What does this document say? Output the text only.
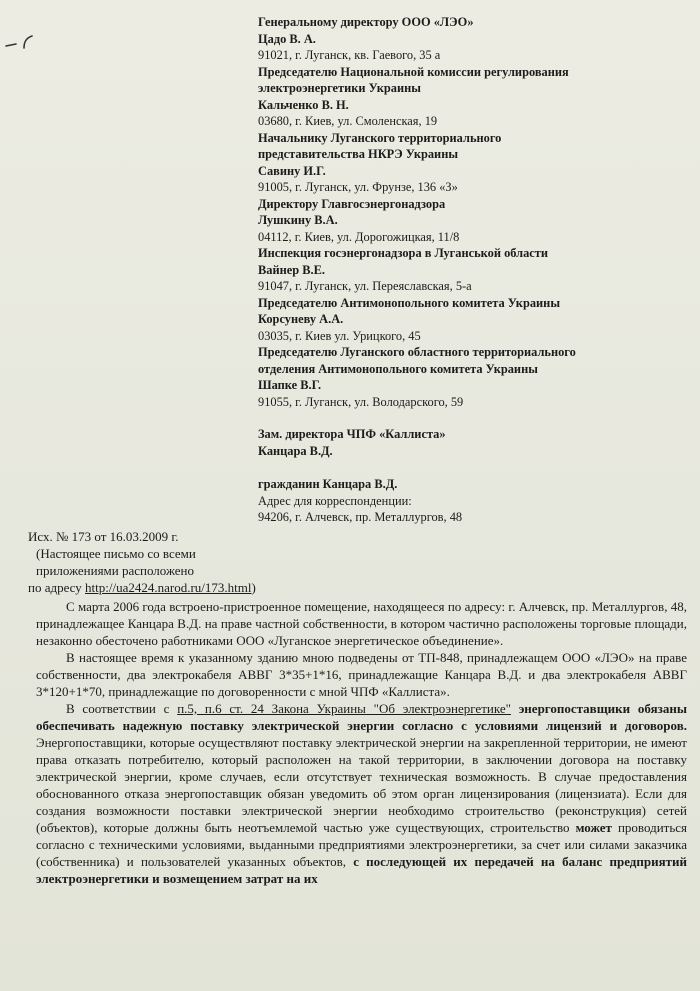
Генеральному директору ООО «ЛЭО»
Цадо В. А.
91021, г. Луганск, кв. Гаевого, 35 а
Председателю Национальной комиссии регулирования
электроэнергетики Украины
Кальченко В. Н.
03680, г. Киев, ул. Смоленская, 19
Начальнику Луганского территориального
представительства НКРЭ Украины
Савину И.Г.
91005, г. Луганск, ул. Фрунзе, 136 «З»
Директору Главгосэнергонадзора
Лушкину В.А.
04112, г. Киев, ул. Дорогожицкая, 11/8
Инспекция госэнергонадзора в Луганськой области
Вайнер В.Е.
91047, г. Луганск, ул. Переяславская, 5-а
Председателю Антимонопольного комитета Украины
Корсуневу А.А.
03035, г. Киев ул. Урицкого, 45
Председателю Луганского областного территориального
отделения Антимонопольного комитета Украины
Шапке В.Г.
91055, г. Луганск, ул. Володарского, 59
Зам. директора ЧПФ «Каллиста»
Канцара В.Д.
гражданин Канцара В.Д.
Адрес для корреспонденции:
94206, г. Алчевск, пр. Металлургов, 48
Исх. № 173 от 16.03.2009 г.
(Настоящее письмо со всеми
приложениями расположено
по адресу http://ua2424.narod.ru/173.html)

С марта 2006 года встроено-пристроенное помещение, находящееся по адресу: г. Алчевск, пр. Металлургов, 48, принадлежащее Канцара В.Д. на праве частной собственности, в котором частично расположены торговые площади, незаконно обесточено работниками ООО «Луганское энергетическое объединение».

В настоящее время к указанному зданию мною подведены от ТП-848, принадлежащем ООО «ЛЭО» на праве собственности, два электрокабеля АВВГ 3*35+1*16, принадлежащие Канцара В.Д. и два электрокабеля АВВГ 3*120+1*70, принадлежащие по договоренности с мной ЧПФ «Каллиста».

В соответствии с п.5, п.6 ст. 24 Закона Украины "Об электроэнергетике" энергопоставщики обязаны обеспечивать надежную поставку электрической энергии согласно с условиями лицензий и договоров. Энергопоставщики, которые осуществляют поставку электрической энергии на закрепленной территории, не имеют права отказать потребителю, который расположен на такой территории, в заключении договора на поставку электрической энергии, кроме случаев, если отсутствует техническая возможность. В случае предоставления обоснованного отказа энергопоставщик обязан уведомить об этом орган лицензирования (лицензиата). Если для создания возможности поставки электрической энергии необходимо строительство (реконструкция) сетей (объектов), которые должны быть неотъемлемой частью уже существующих, строительство может проводиться согласно с техническими условиями, выданными предприятиями электроэнергетики, за счет или силами заказчика (собственника) и пользователей указанных объектов, с последующей их передачей на баланс предприятий электроэнергетики и возмещением затрат на их
